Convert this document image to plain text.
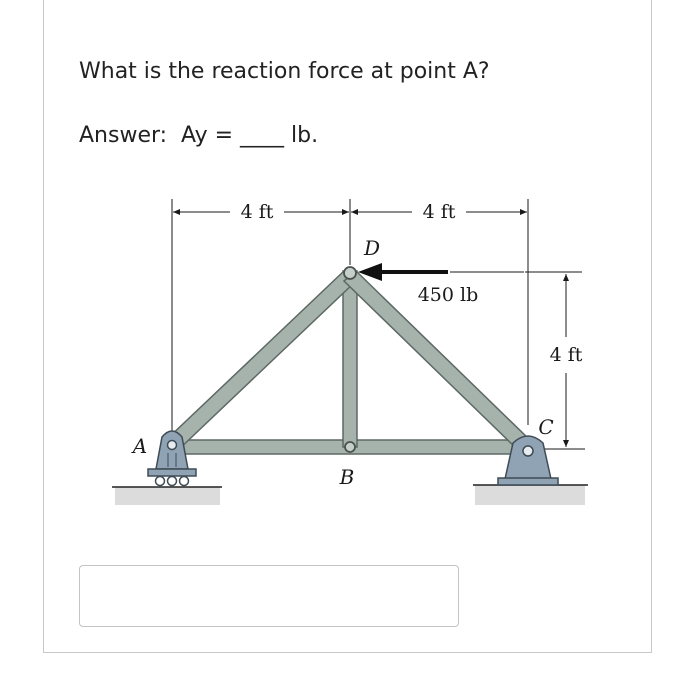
What is the reaction force at point A?
Answer:  Ay = ____ lb.
4 ft	4 ft
4 ft
450 lb
A
B
C
D
